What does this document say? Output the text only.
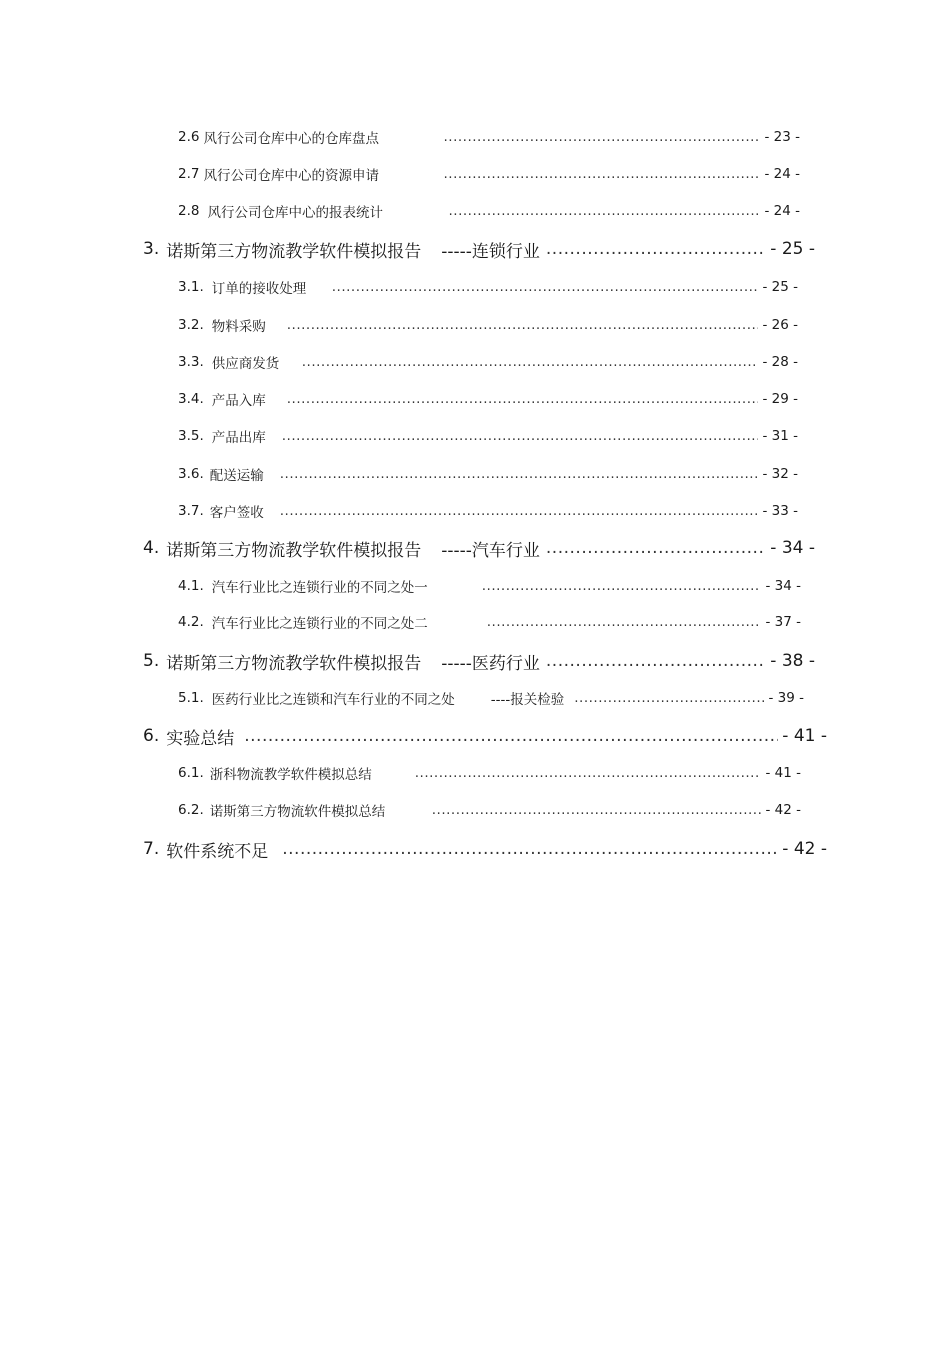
2.6 风行公司仓库中心的仓库盘点 .....	- 23 -
2.7 风行公司仓库中心的资源申请 .....	- 24 -
2.8 风行公司仓库中心的报表统计 .....	- 24 -
3. 诺斯第三方物流教学软件模拟报告 -----连锁行业 .....	- 25 -
3.1. 订单的接收处理 .....	- 25 -
3.2. 物料采购 .....	- 26 -
3.3. 供应商发货 .....	- 28 -
3.4. 产品入库 .....	- 29 -
3.5. 产品出库 .....	- 31 -
3.6. 配送运输 .....	- 32 -
3.7. 客户签收 .....	- 33 -
4. 诺斯第三方物流教学软件模拟报告 -----汽车行业 .....	- 34 -
4.1. 汽车行业比之连锁行业的不同之处一 .....	- 34 -
4.2. 汽车行业比之连锁行业的不同之处二 .....	- 37 -
5. 诺斯第三方物流教学软件模拟报告 -----医药行业 .....	- 38 -
5.1. 医药行业比之连锁和汽车行业的不同之处	----报关检验 .....	- 39 -
6. 实验总结 .....	- 41 -
6.1. 浙科物流教学软件模拟总结 .....	- 41 -
6.2. 诺斯第三方物流软件模拟总结 .....	- 42 -
7. 软件系统不足 .....	- 42 -
